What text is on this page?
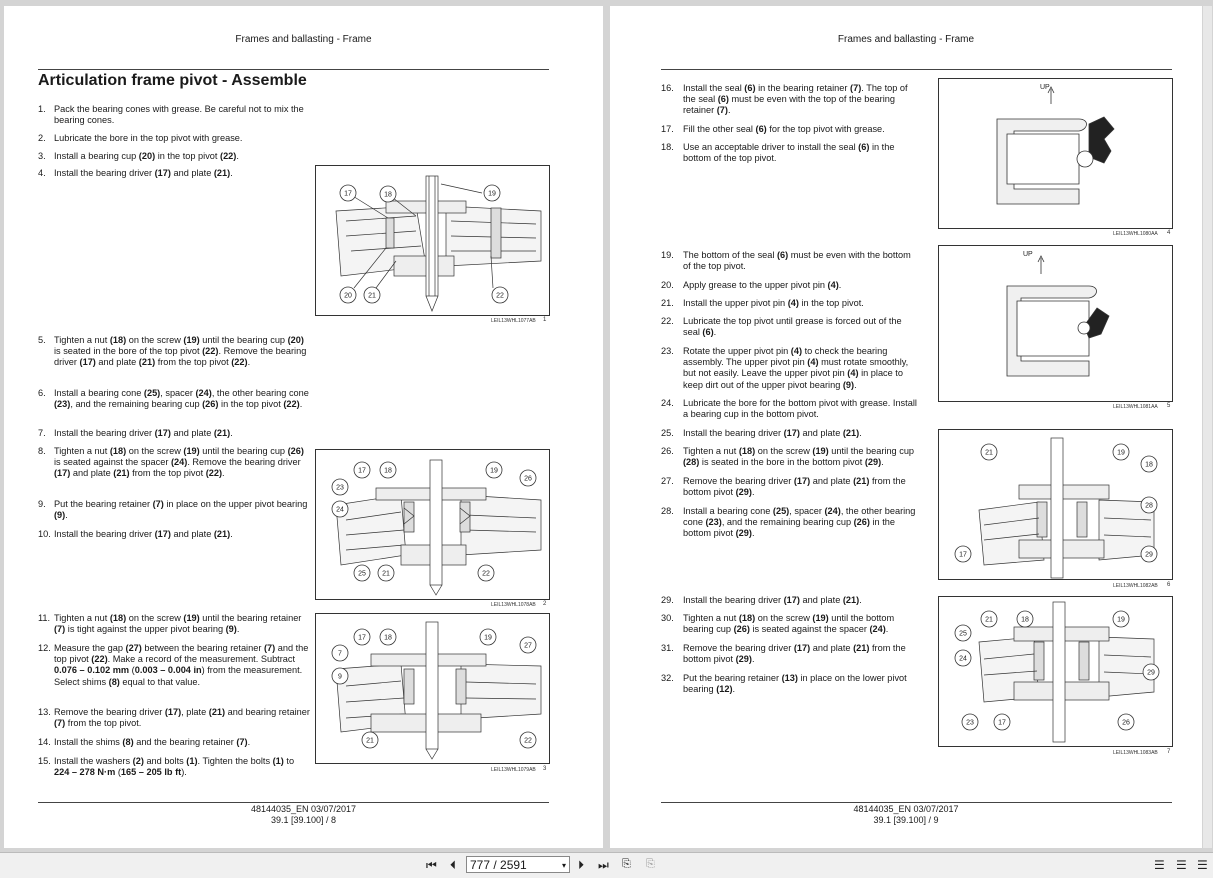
Frames and ballasting - Frame
Articulation frame pivot - Assemble
1. Pack the bearing cones with grease. Be careful not to mix the bearing cones.
2. Lubricate the bore in the top pivot with grease.
3. Install a bearing cup (20) in the top pivot (22).
4. Install the bearing driver (17) and plate (21).
5. Tighten a nut (18) on the screw (19) until the bearing cup (20) is seated in the bore of the top pivot (22). Remove the bearing driver (17) and plate (21) from the top pivot (22).
6. Install a bearing cone (25), spacer (24), the other bearing cone (23), and the remaining bearing cup (26) in the top pivot (22).
7. Install the bearing driver (17) and plate (21).
8. Tighten a nut (18) on the screw (19) until the bearing cup (26) is seated against the spacer (24). Remove the bearing driver (17) and plate (21) from the top pivot (22).
9. Put the bearing retainer (7) in place on the upper pivot bearing (9).
10. Install the bearing driver (17) and plate (21).
11. Tighten a nut (18) on the screw (19) until the bearing retainer (7) is tight against the upper pivot bearing (9).
12. Measure the gap (27) between the bearing retainer (7) and the top pivot (22). Make a record of the measurement. Subtract 0.076 – 0.102 mm (0.003 – 0.004 in) from the measurement. Select shims (8) equal to that value.
13. Remove the bearing driver (17), plate (21) and bearing retainer (7) from the top pivot.
14. Install the shims (8) and the bearing retainer (7).
15. Install the washers (2) and bolts (1). Tighten the bolts (1) to 224 – 278 N·m (165 – 205 lb ft).
17	18	19
20 21	22
LEIL13WHL1077AB 1
17	18	19
23
24
26
25 21	22
LEIL13WHL1078AB 2
17	18	19
7
27
9
21	22
LEIL13WHL1079AB 3
48144035_EN 03/07/2017
39.1 [39.100] / 8
Frames and ballasting - Frame
16. Install the seal (6) in the bearing retainer (7). The top of the seal (6) must be even with the top of the bearing retainer (7).
17. Fill the other seal (6) for the top pivot with grease.
18. Use an acceptable driver to install the seal (6) in the bottom of the top pivot.
19. The bottom of the seal (6) must be even with the bottom of the top pivot.
20. Apply grease to the upper pivot pin (4).
21. Install the upper pivot pin (4) in the top pivot.
22. Lubricate the top pivot until grease is forced out of the seal (6).
23. Rotate the upper pivot pin (4) to check the bearing assembly. The upper pivot pin (4) must rotate smoothly, but not easily. Leave the upper pivot pin (4) in place to keep dirt out of the upper pivot bearing (9).
24. Lubricate the bore for the bottom pivot with grease. Install a bearing cup in the bottom pivot.
25. Install the bearing driver (17) and plate (21).
26. Tighten a nut (18) on the screw (19) until the bearing cup (28) is seated in the bore in the bottom pivot (29).
27. Remove the bearing driver (17) and plate (21) from the bottom pivot (29).
28. Install a bearing cone (25), spacer (24), the other bearing cone (23), and the remaining bearing cup (26) in the bottom pivot (29).
29. Install the bearing driver (17) and plate (21).
30. Tighten a nut (18) on the screw (19) until the bottom bearing cup (26) is seated against the spacer (24).
31. Remove the bearing driver (17) and plate (21) from the bottom pivot (29).
32. Put the bearing retainer (13) in place on the lower pivot bearing (12).
UP
LEIL13WHL1080AA 4
UP
LEIL13WHL1081AA 5
21	19
18
28
17	29
LEIL13WHL1082AB 6
21	18	19
25
24
29
23	17	26
LEIL13WHL1083AB 7
48144035_EN 03/07/2017
39.1 [39.100] / 9
⏮ ⏴	777 / 2591	▾ ⏵ ⏭ ⎘ ⎘	☰ ☰ ☰
